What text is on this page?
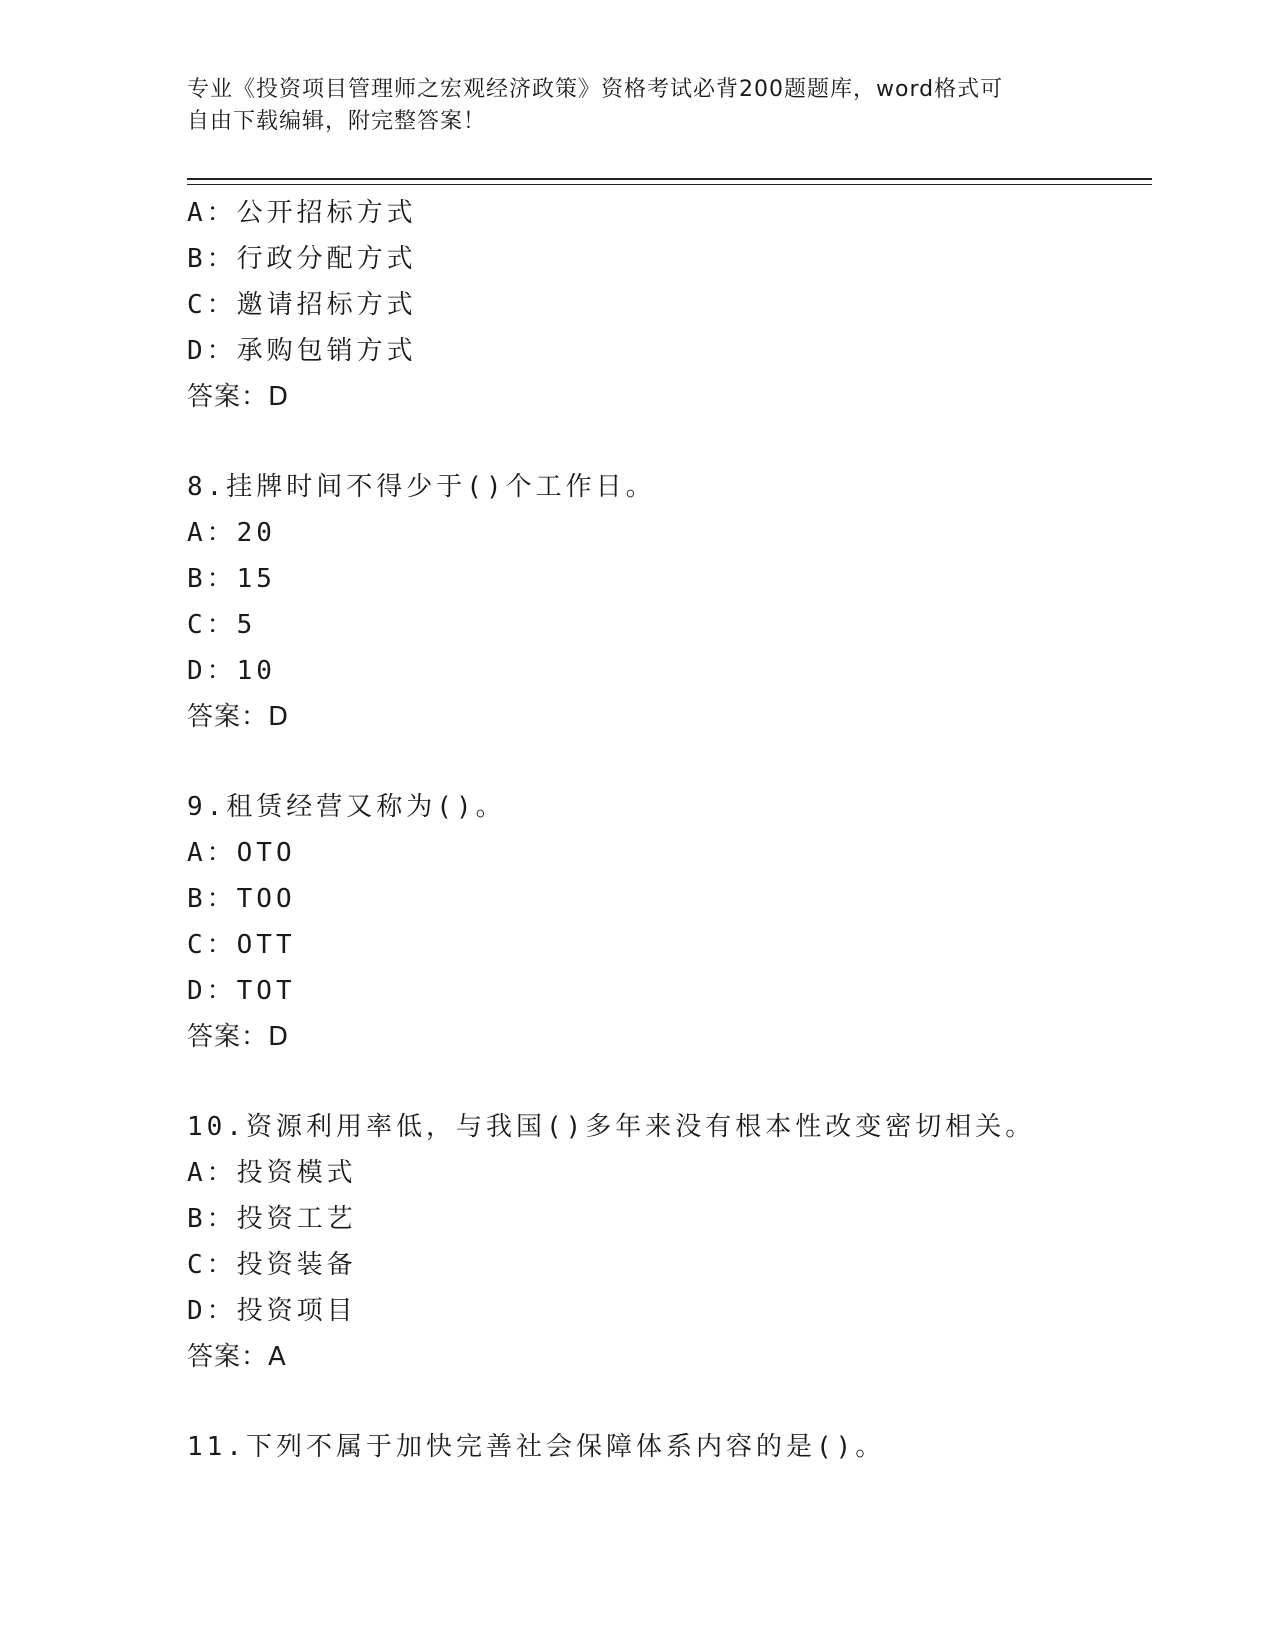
专业《投资项目管理师之宏观经济政策》资格考试必背200题题库，word格式可
自由下载编辑，附完整答案！
A：公开招标方式
B：行政分配方式
C：邀请招标方式
D：承购包销方式
答案：D
8.挂牌时间不得少于()个工作日。
A：20
B：15
C：5
D：10
答案：D
9.租赁经营又称为()。
A：OTO
B：TOO
C：OTT
D：TOT
答案：D
10.资源利用率低，与我国()多年来没有根本性改变密切相关。
A：投资模式
B：投资工艺
C：投资装备
D：投资项目
答案：A
11.下列不属于加快完善社会保障体系内容的是()。
